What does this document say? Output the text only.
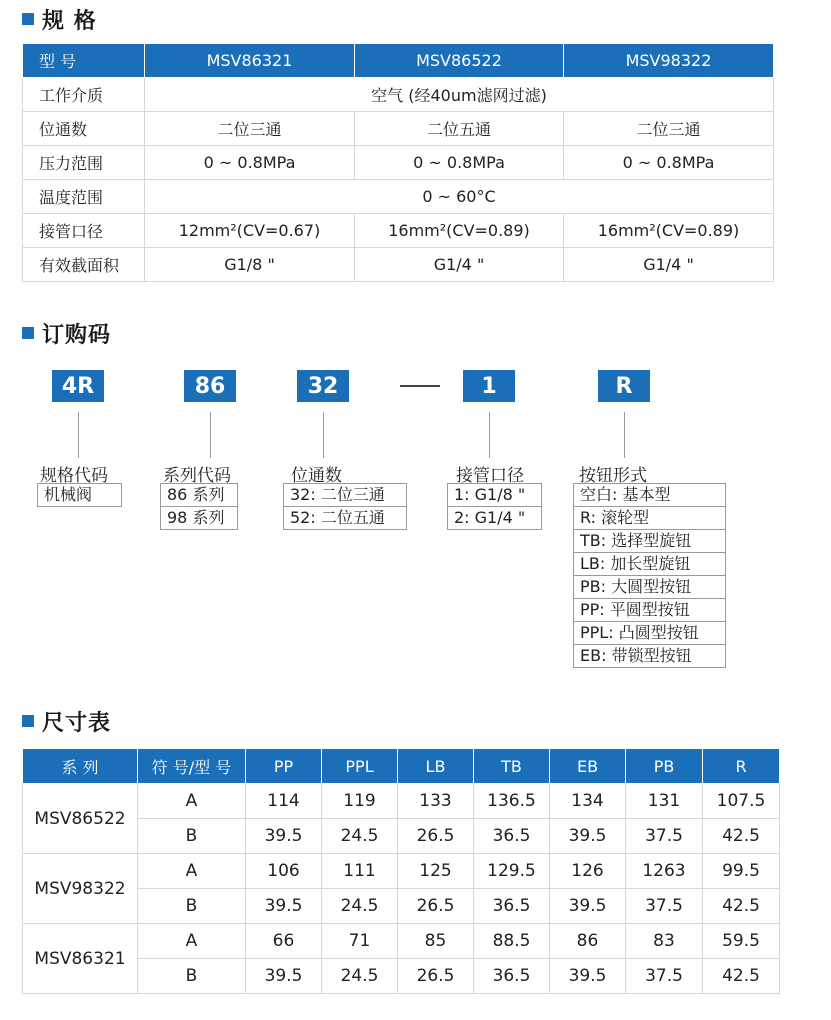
规 格
型 号	MSV86321	MSV86522	MSV98322
工作介质	空气 (经40um滤网过滤)		
位通数	二位三通	二位五通	二位三通
压力范围	0 ~ 0.8MPa	0 ~ 0.8MPa	0 ~ 0.8MPa
温度范围	0 ~ 60°C		
接管口径	12mm²(CV=0.67)	16mm²(CV=0.89)	16mm²(CV=0.89)
有效截面积	G1/8 "	G1/4 "	G1/4 "
订购码
4R	86	32	1	R
规格代码	系列代码	位通数	接管口径	按钮形式
机械阀	86 系列
98 系列
32: 二位三通
52: 二位五通
1: G1/8 "
2: G1/4 "
空白: 基本型
R: 滚轮型
TB: 选择型旋钮
LB: 加长型旋钮
PB: 大圆型按钮
PP: 平圆型按钮
PPL: 凸圆型按钮
EB: 带锁型按钮
尺寸表
系 列	符 号/型 号	PP	PPL	LB	TB	EB	PB	R
MSV86522	A	114	119	133	136.5	134	131	107.5
	B	39.5	24.5	26.5	36.5	39.5	37.5	42.5
MSV98322	A	106	111	125	129.5	126	1263	99.5
	B	39.5	24.5	26.5	36.5	39.5	37.5	42.5
MSV86321	A	66	71	85	88.5	86	83	59.5
	B	39.5	24.5	26.5	36.5	39.5	37.5	42.5
